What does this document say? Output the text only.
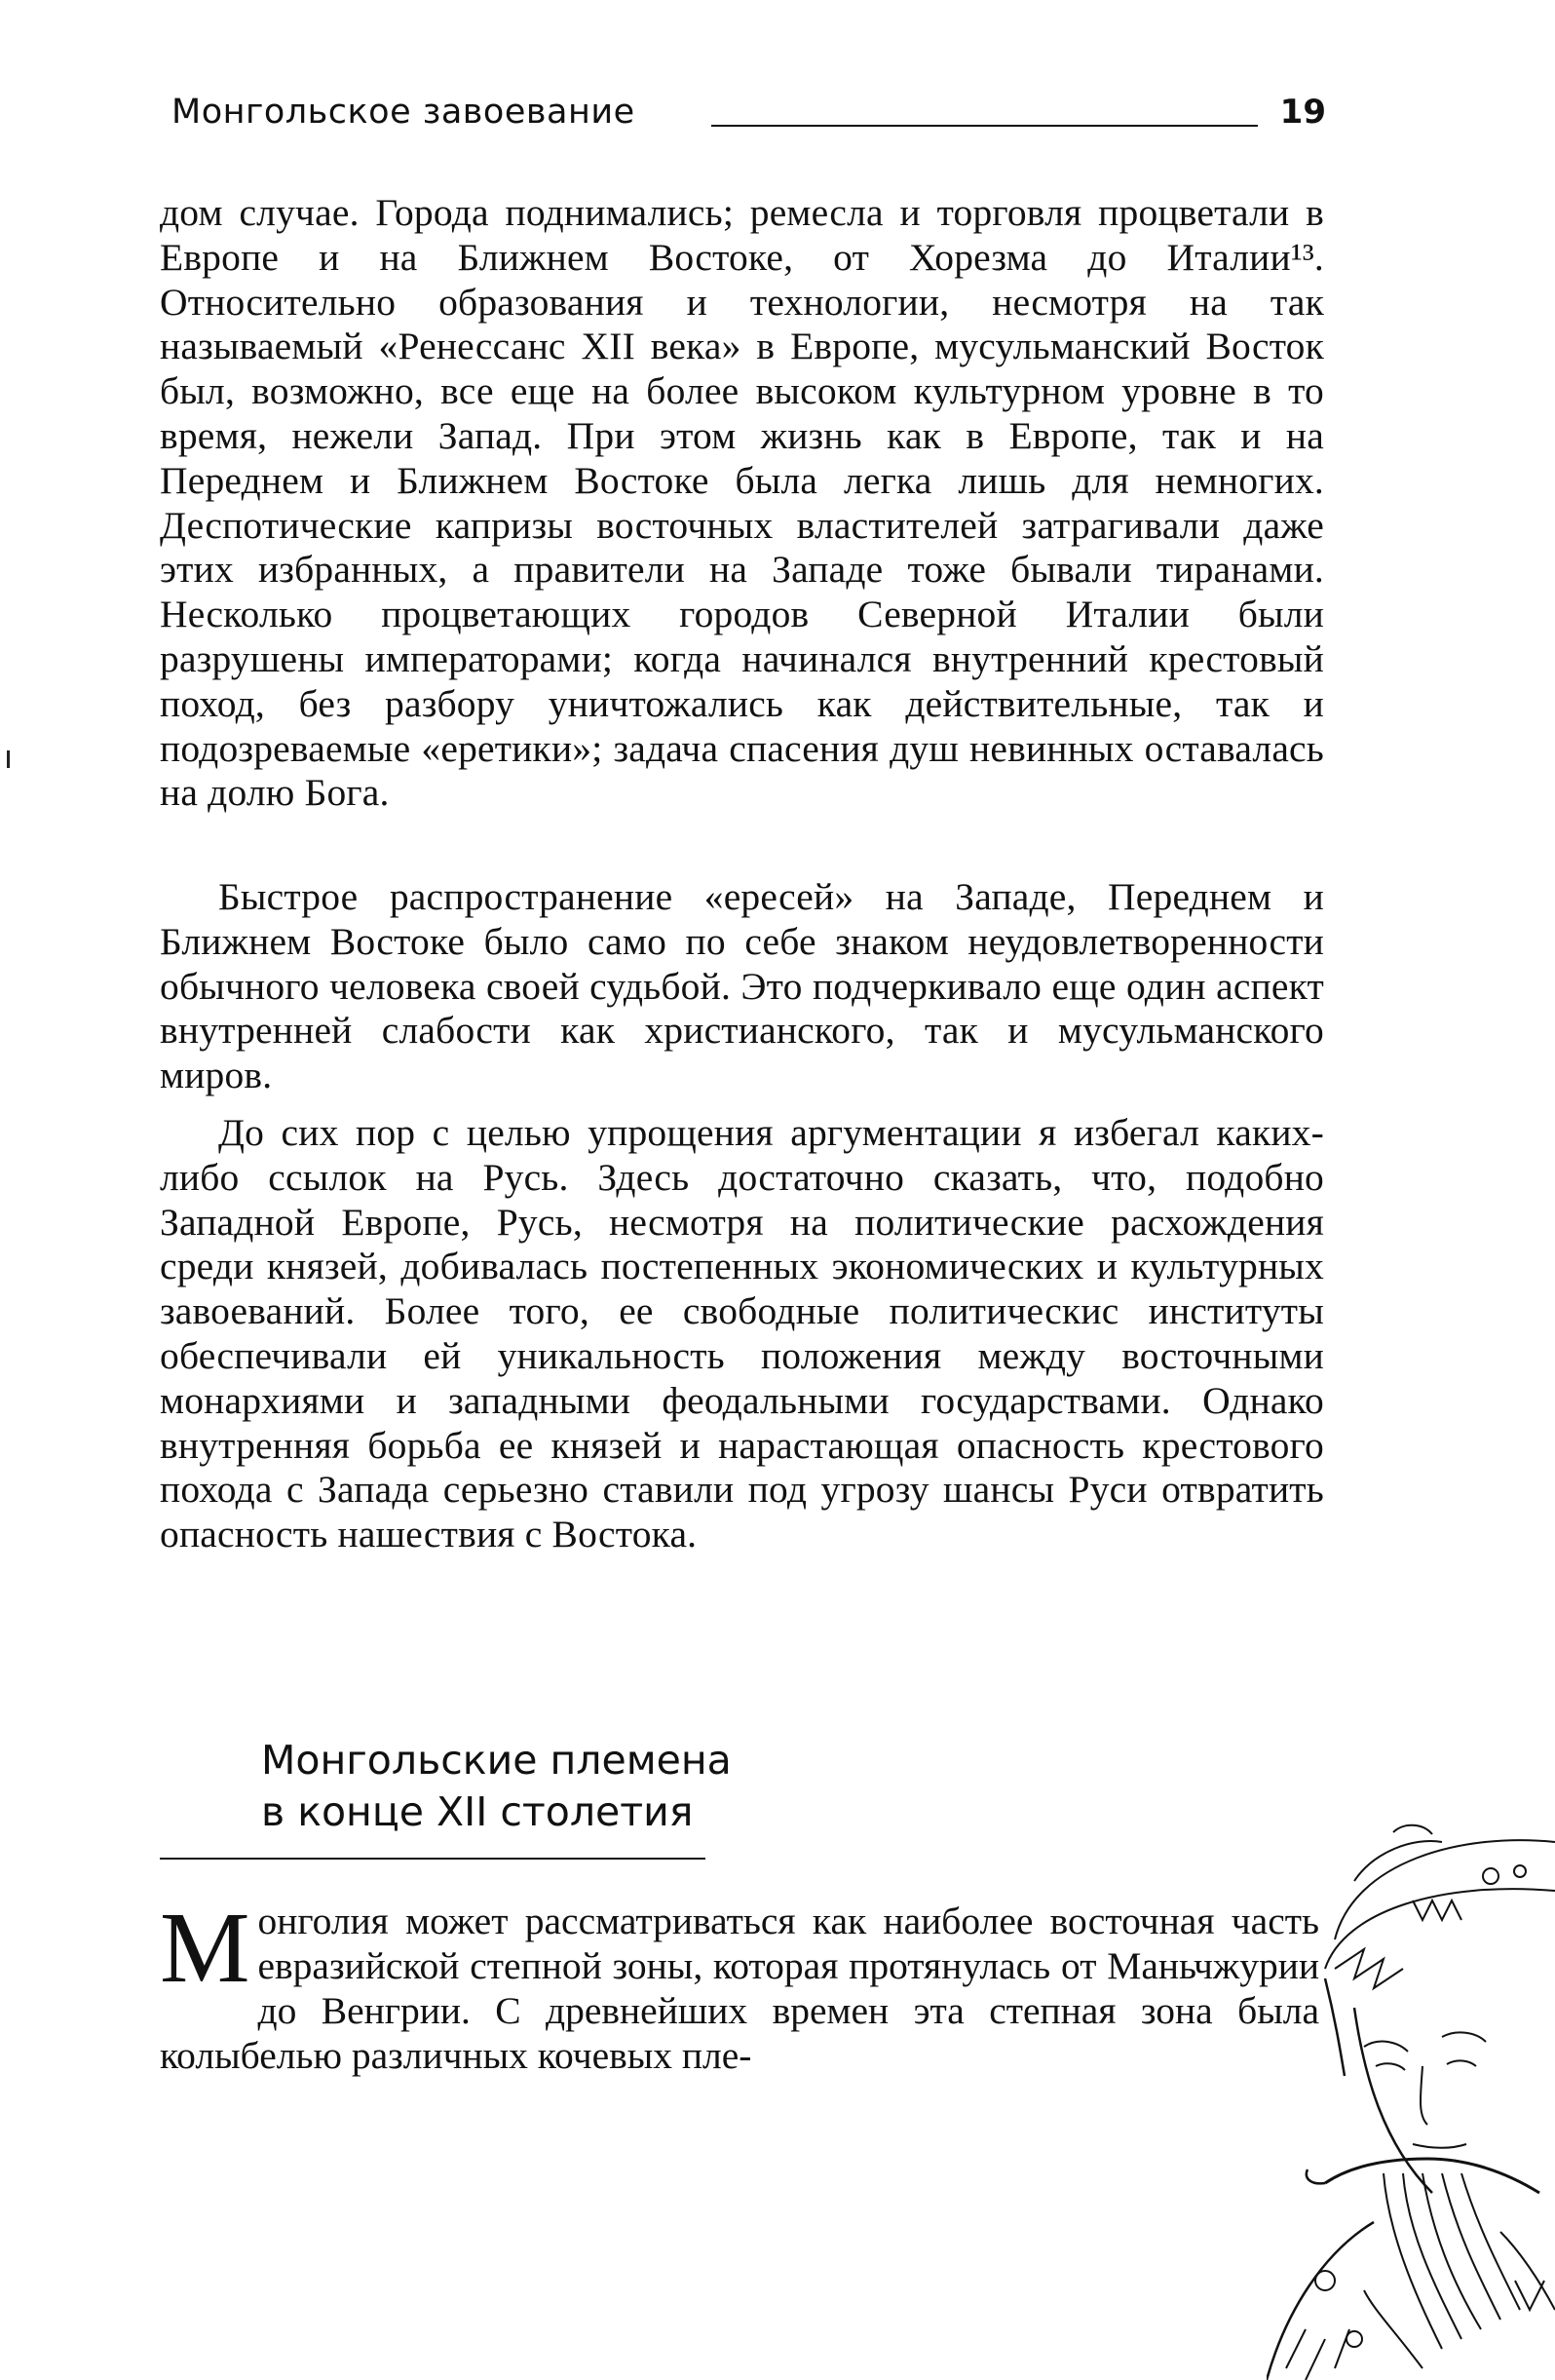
Монгольское завоевание	19

дом случае. Города поднимались; ремесла и торговля процветали в Европе и на Ближнем Востоке, от Хорезма до Италии¹³. Относительно образования и технологии, несмотря на так называемый «Ренессанс XII века» в Европе, мусульманский Восток был, возможно, все еще на более высоком культурном уровне в то время, нежели Запад. При этом жизнь как в Европе, так и на Переднем и Ближнем Востоке была легка лишь для немногих. Деспотические капризы восточных властителей затрагивали даже этих избранных, а правители на Западе тоже бывали тиранами. Несколько процветающих городов Северной Италии были разрушены императорами; когда начинался внутренний крестовый поход, без разбору уничтожались как действительные, так и подозреваемые «еретики»; задача спасения душ невинных оставалась на долю Бога.

Быстрое распространение «ересей» на Западе, Переднем и Ближнем Востоке было само по себе знаком неудовлетворенности обычного человека своей судьбой. Это подчеркивало еще один аспект внутренней слабости как христианского, так и мусульманского миров.

До сих пор с целью упрощения аргументации я избегал каких-либо ссылок на Русь. Здесь достаточно сказать, что, подобно Западной Европе, Русь, несмотря на политические расхождения среди князей, добивалась постепенных экономических и культурных завоеваний. Более того, ее свободные политическис институты обеспечивали ей уникальность положения между восточными монархиями и западными феодальными государствами. Однако внутренняя борьба ее князей и нарастающая опасность крестового похода с Запада серьезно ставили под угрозу шансы Руси отвратить опасность нашествия с Востока.

Монгольские племена
в конце XII столетия
М онголия может рассматриваться как наиболее восточная часть евразийской степной зоны, которая протянулась от Маньчжурии до Венгрии. С древнейших времен эта степная зона была колыбелью различных кочевых пле-
